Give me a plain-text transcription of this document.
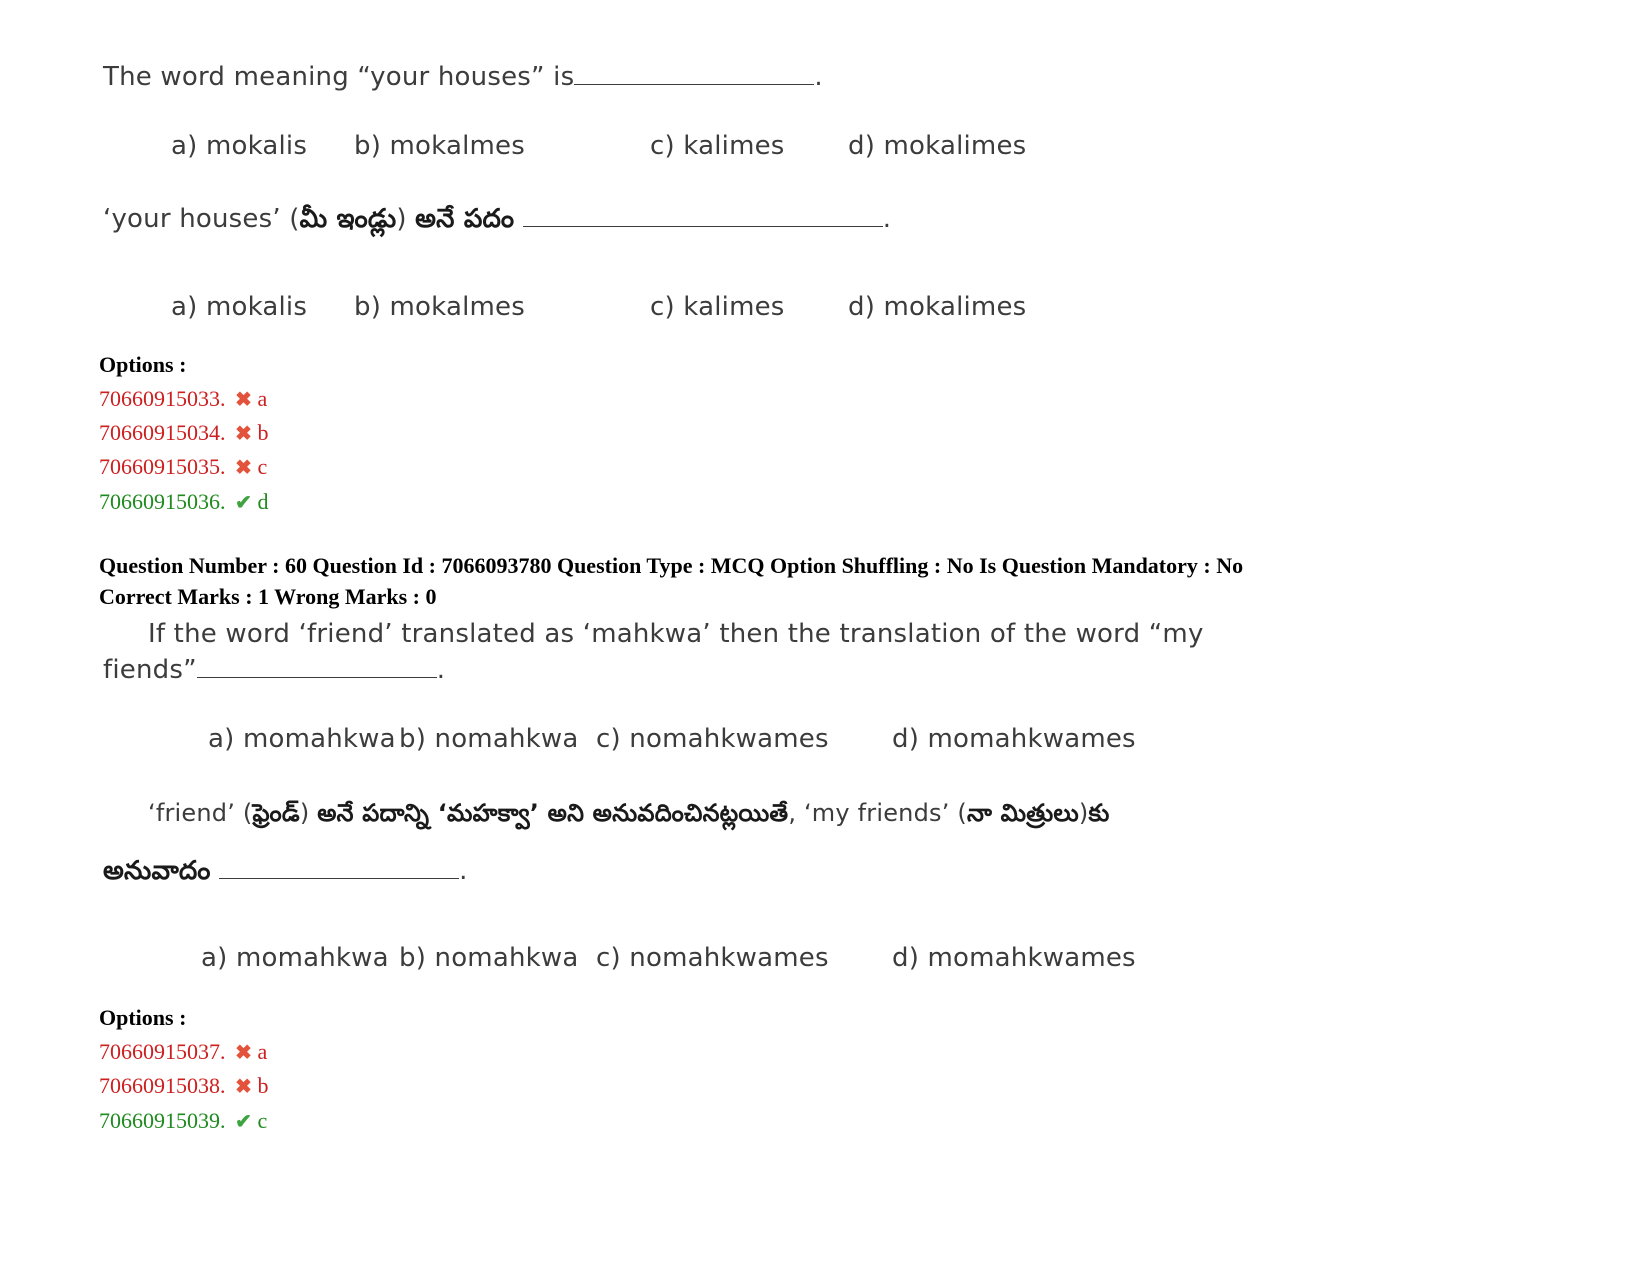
The word meaning “your houses” is	.
a) mokalis b) mokalmes	c) kalimes d) mokalimes
‘your houses’ (మీ ఇండ్లు) అనే పదం	.
a) mokalis b) mokalmes	c) kalimes d) mokalimes
Options :
70660915033. ✖ a
70660915034. ✖ b
70660915035. ✖ c
70660915036. ✔ d
Question Number : 60 Question Id : 7066093780 Question Type : MCQ Option Shuffling : No Is Question Mandatory : No
Correct Marks : 1 Wrong Marks : 0
If the word ‘friend’ translated as ‘mahkwa’ then the translation of the word “my
fiends”	.
a) momahkwa b) nomahkwa c) nomahkwames d) momahkwames
‘friend’ (ఫ్రెండ్) అనే పదాన్ని ‘మహక్వా’ అని అనువదించినట్లయితే, ‘my friends’ (నా మిత్రులు)కు
అనువాదం	.
a) momahkwa b) nomahkwa c) nomahkwames d) momahkwames
Options :
70660915037. ✖ a
70660915038. ✖ b
70660915039. ✔ c
